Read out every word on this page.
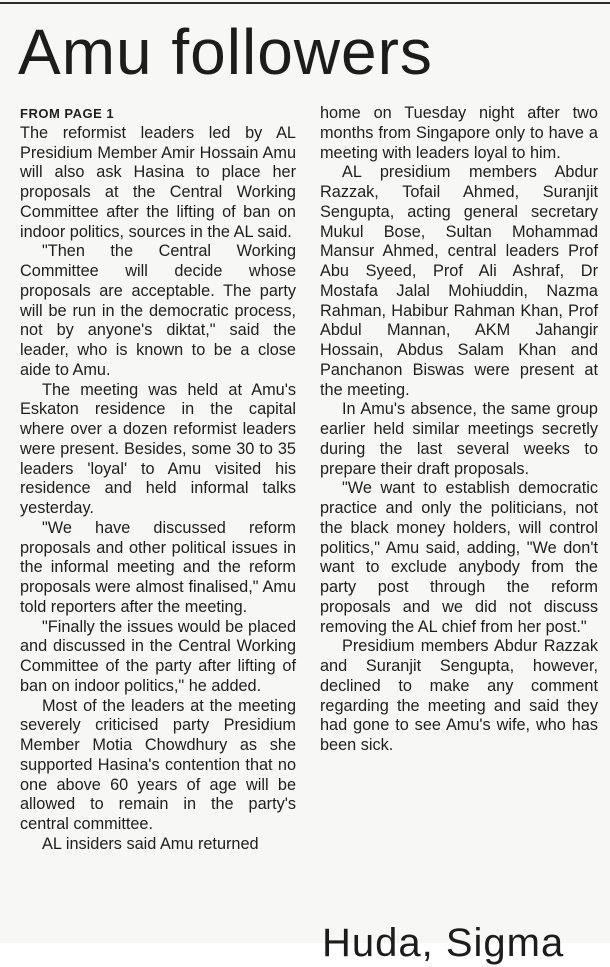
Amu followers
FROM PAGE 1

The reformist leaders led by AL Presidium Member Amir Hossain Amu will also ask Hasina to place her proposals at the Central Working Committee after the lifting of ban on indoor politics, sources in the AL said.

"Then the Central Working Committee will decide whose proposals are acceptable. The party will be run in the democratic process, not by anyone's diktat," said the leader, who is known to be a close aide to Amu.

The meeting was held at Amu's Eskaton residence in the capital where over a dozen reformist leaders were present. Besides, some 30 to 35 leaders 'loyal' to Amu visited his residence and held informal talks yesterday.

"We have discussed reform proposals and other political issues in the informal meeting and the reform proposals were almost finalised," Amu told reporters after the meeting.

"Finally the issues would be placed and discussed in the Central Working Committee of the party after lifting of ban on indoor politics," he added.

Most of the leaders at the meeting severely criticised party Presidium Member Motia Chowdhury as she supported Hasina's contention that no one above 60 years of age will be allowed to remain in the party's central committee.

AL insiders said Amu returned

home on Tuesday night after two months from Singapore only to have a meeting with leaders loyal to him.

AL presidium members Abdur Razzak, Tofail Ahmed, Suranjit Sengupta, acting general secretary Mukul Bose, Sultan Mohammad Mansur Ahmed, central leaders Prof Abu Syeed, Prof Ali Ashraf, Dr Mostafa Jalal Mohiuddin, Nazma Rahman, Habibur Rahman Khan, Prof Abdul Mannan, AKM Jahangir Hossain, Abdus Salam Khan and Panchanon Biswas were present at the meeting.

In Amu's absence, the same group earlier held similar meetings secretly during the last several weeks to prepare their draft proposals.

"We want to establish democratic practice and only the politicians, not the black money holders, will control politics," Amu said, adding, "We don't want to exclude anybody from the party post through the reform proposals and we did not discuss removing the AL chief from her post."

Presidium members Abdur Razzak and Suranjit Sengupta, however, declined to make any comment regarding the meeting and said they had gone to see Amu's wife, who has been sick.

Huda, Sigma
